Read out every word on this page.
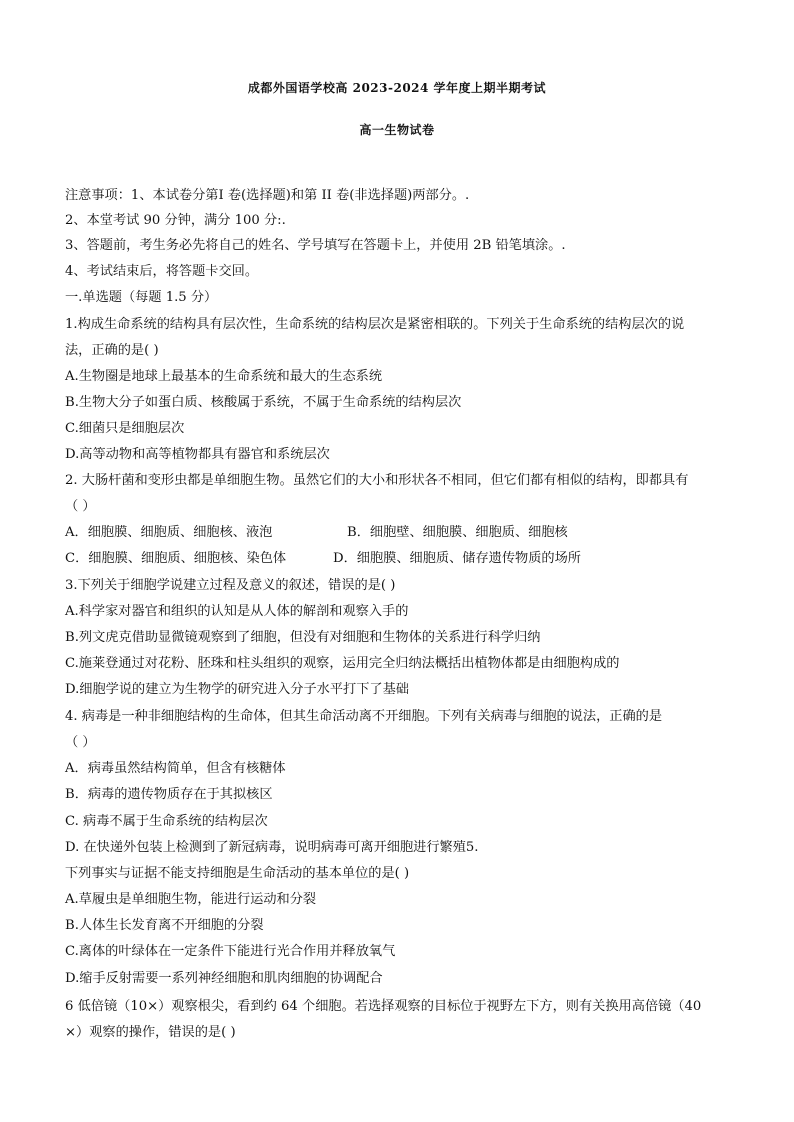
成都外国语学校高 2023-2024 学年度上期半期考试
高一生物试卷
注意事项：1、本试卷分第I 卷(选择题)和第 II 卷(非选择题)两部分。.
2、本堂考试 90 分钟，满分 100 分:.
3、答题前，考生务必先将自己的姓名、学号填写在答题卡上，并使用 2B 铅笔填涂。.
4、考试结束后，将答题卡交回。
一.单选题（每题 1.5 分）
1.构成生命系统的结构具有层次性，生命系统的结构层次是紧密相联的。下列关于生命系统的结构层次的说
法，正确的是( )
A.生物圈是地球上最基本的生命系统和最大的生态系统
B.生物大分子如蛋白质、核酸属于系统，不属于生命系统的结构层次
C.细菌只是细胞层次
D.高等动物和高等植物都具有器官和系统层次
2. 大肠杆菌和变形虫都是单细胞生物。虽然它们的大小和形状各不相同，但它们都有相似的结构，即都具有
（ ）
A．细胞膜、细胞质、细胞核、液泡	B．细胞壁、细胞膜、细胞质、细胞核
C．细胞膜、细胞质、细胞核、染色体	D．细胞膜、细胞质、储存遗传物质的场所
3.下列关于细胞学说建立过程及意义的叙述，错误的是( )
A.科学家对器官和组织的认知是从人体的解剖和观察入手的
B.列文虎克借助显微镜观察到了细胞，但没有对细胞和生物体的关系进行科学归纳
C.施莱登通过对花粉、胚珠和柱头组织的观察，运用完全归纳法概括出植物体都是由细胞构成的
D.细胞学说的建立为生物学的研究进入分子水平打下了基础
4. 病毒是一种非细胞结构的生命体，但其生命活动离不开细胞。下列有关病毒与细胞的说法，正确的是
（ ）
A．病毒虽然结构简单，但含有核糖体
B．病毒的遗传物质存在于其拟核区
C. 病毒不属于生命系统的结构层次
D. 在快递外包装上检测到了新冠病毒，说明病毒可离开细胞进行繁殖5.
下列事实与证据不能支持细胞是生命活动的基本单位的是( )
A.草履虫是单细胞生物，能进行运动和分裂
B.人体生长发育离不开细胞的分裂
C.离体的叶绿体在一定条件下能进行光合作用并释放氧气
D.缩手反射需要一系列神经细胞和肌肉细胞的协调配合
6 低倍镜（10×）观察根尖，看到约 64 个细胞。若选择观察的目标位于视野左下方，则有关换用高倍镜（40
×）观察的操作，错误的是( )
